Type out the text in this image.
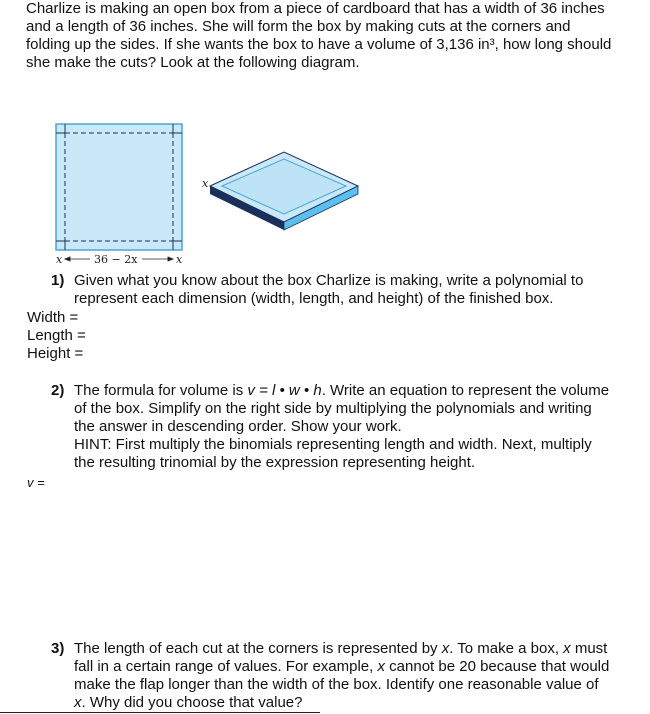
Charlize is making an open box from a piece of cardboard that has a width of 36 inches
and a length of 36 inches. She will form the box by making cuts at the corners and
folding up the sides. If she wants the box to have a volume of 3,136 in³, how long should
she make the cuts? Look at the following diagram.
x	36 − 2x	x
x
1) Given what you know about the box Charlize is making, write a polynomial to
represent each dimension (width, length, and height) of the finished box.
Width =
Length =
Height =
2) The formula for volume is v = l • w • h. Write an equation to represent the volume
of the box. Simplify on the right side by multiplying the polynomials and writing
the answer in descending order. Show your work.
HINT: First multiply the binomials representing length and width. Next, multiply
the resulting trinomial by the expression representing height.
v =
3) The length of each cut at the corners is represented by x. To make a box, x must
fall in a certain range of values. For example, x cannot be 20 because that would
make the flap longer than the width of the box. Identify one reasonable value of
x. Why did you choose that value?
